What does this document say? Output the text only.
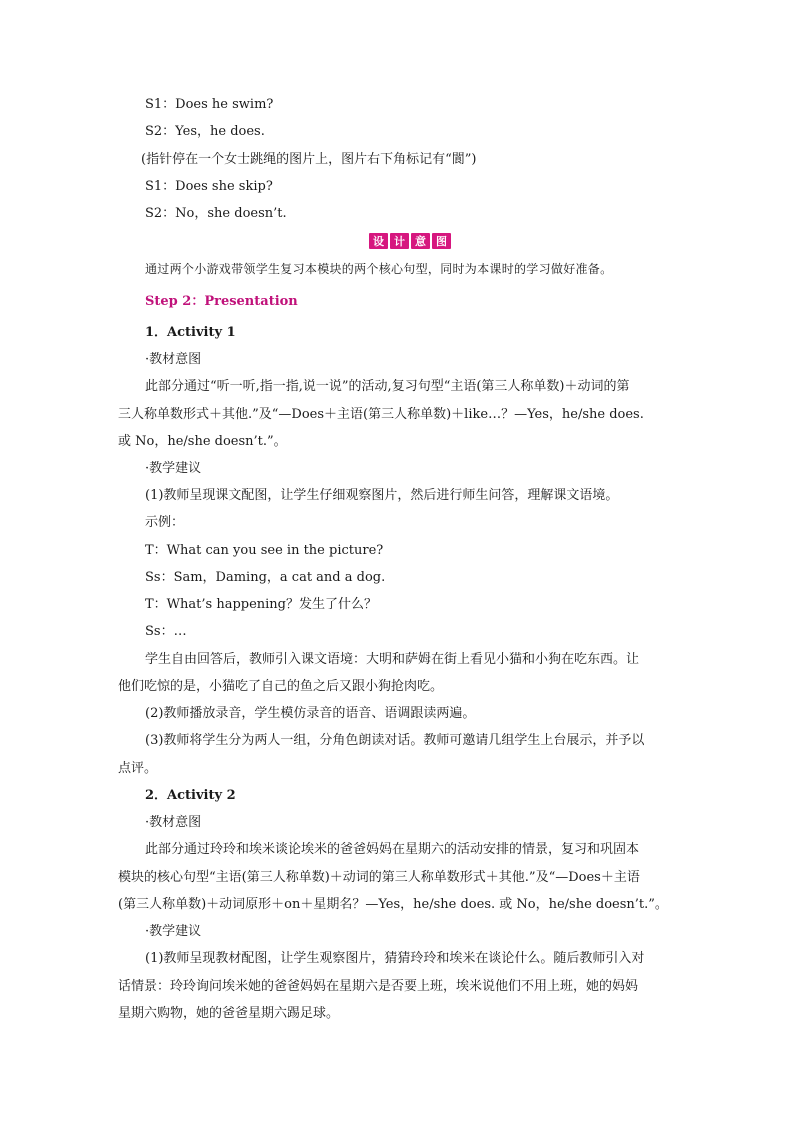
S1：Does he swim?
S2：Yes，he does.
(指针停在一个女士跳绳的图片上，图片右下角标记有“閬”)
S1：Does she skip?
S2：No，she doesn’t.
设 计 意 图
通过两个小游戏带领学生复习本模块的两个核心句型，同时为本课时的学习做好准备。
Step 2：Presentation
1．Activity 1
·教材意图
此部分通过“听一听,指一指,说一说”的活动,复习句型“主语(第三人称单数)＋动词的第
三人称单数形式＋其他.”及“—Does＋主语(第三人称单数)＋like…？—Yes，he/she does.
或 No，he/she doesn’t.”。
·教学建议
(1)教师呈现课文配图，让学生仔细观察图片，然后进行师生问答，理解课文语境。
示例：
T：What can you see in the picture?
Ss：Sam，Daming，a cat and a dog.
T：What’s happening？发生了什么？
Ss：…
学生自由回答后，教师引入课文语境：大明和萨姆在街上看见小猫和小狗在吃东西。让
他们吃惊的是，小猫吃了自己的鱼之后又跟小狗抢肉吃。
(2)教师播放录音，学生模仿录音的语音、语调跟读两遍。
(3)教师将学生分为两人一组，分角色朗读对话。教师可邀请几组学生上台展示，并予以
点评。
2．Activity 2
·教材意图
此部分通过玲玲和埃米谈论埃米的爸爸妈妈在星期六的活动安排的情景，复习和巩固本
模块的核心句型“主语(第三人称单数)＋动词的第三人称单数形式＋其他.”及“—Does＋主语
(第三人称单数)＋动词原形＋on＋星期名？—Yes，he/she does. 或 No，he/she doesn’t.”。
·教学建议
(1)教师呈现教材配图，让学生观察图片，猜猜玲玲和埃米在谈论什么。随后教师引入对
话情景：玲玲询问埃米她的爸爸妈妈在星期六是否要上班，埃米说他们不用上班，她的妈妈
星期六购物，她的爸爸星期六踢足球。
